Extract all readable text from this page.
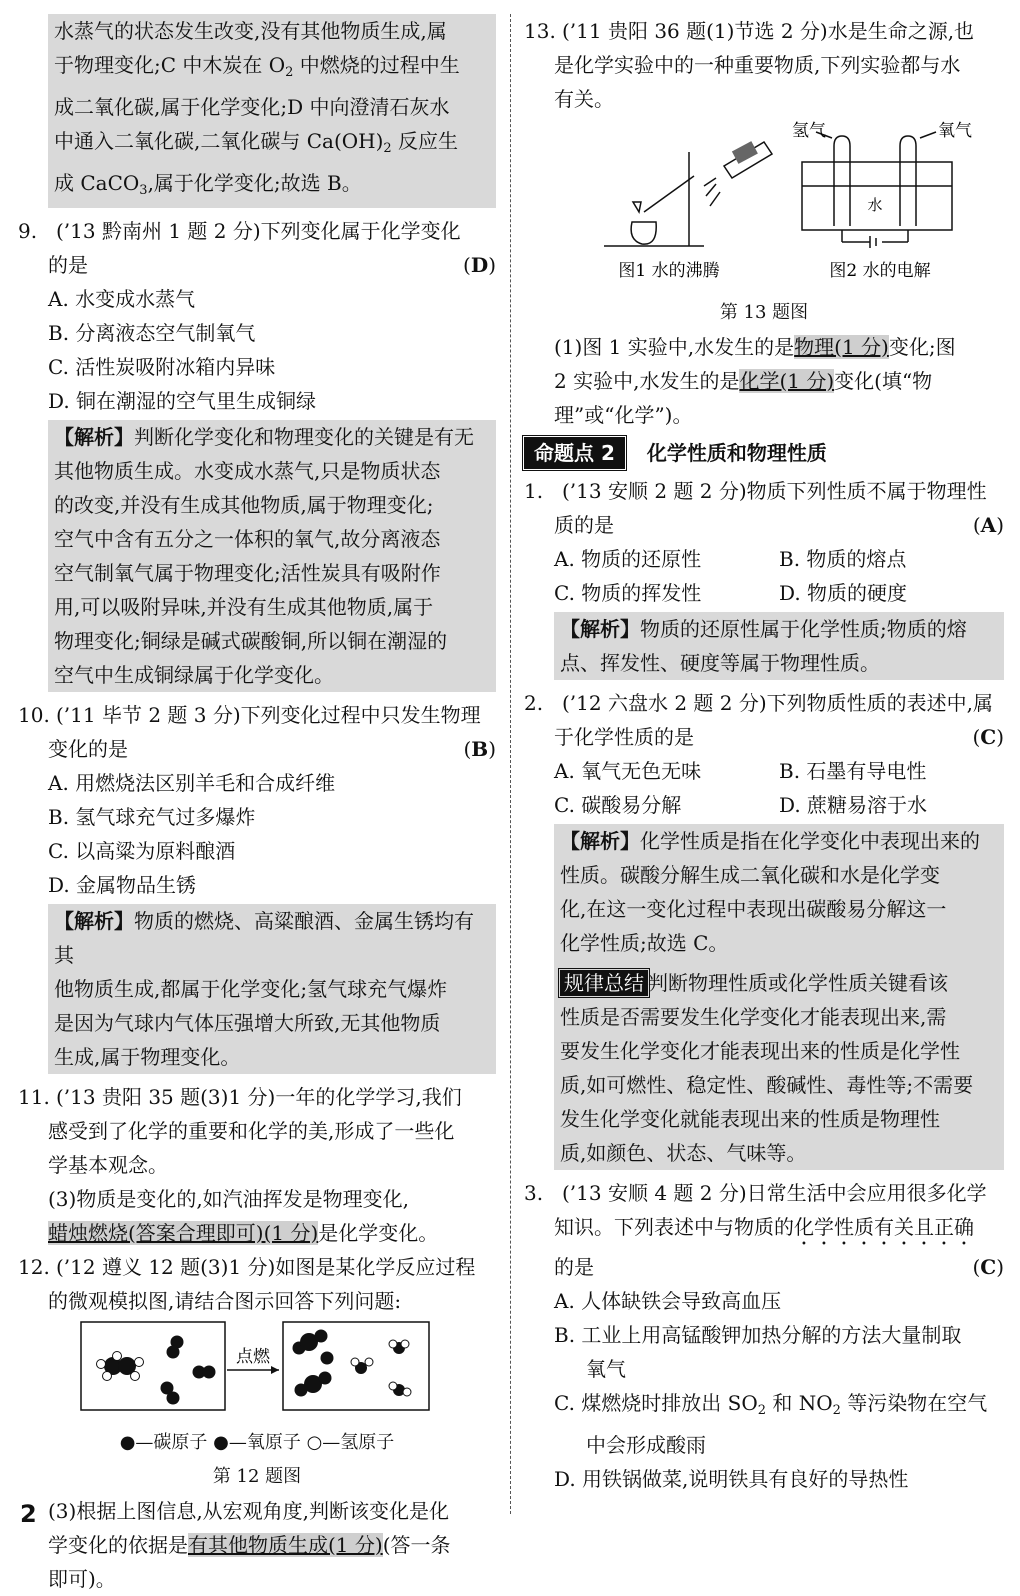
水蒸气的状态发生改变,没有其他物质生成,属
于物理变化;C 中木炭在 $O_2$ 中燃烧的过程中生
成二氧化碳,属于化学变化;D 中向澄清石灰水
中通入二氧化碳,二氧化碳与 $Ca(OH)_2$ 反应生
成 CaCO$_3$,属于化学变化;故选 B。
9. (’13 黔南州 1 题 2 分)下列变化属于化学变化
的是	(D)
A. 水变成水蒸气
B. 分离液态空气制氧气
C. 活性炭吸附冰箱内异味
D. 铜在潮湿的空气里生成铜绿
【解析】判断化学变化和物理变化的关键是有无
其他物质生成。水变成水蒸气,只是物质状态
的改变,并没有生成其他物质,属于物理变化;
空气中含有五分之一体积的氧气,故分离液态
空气制氧气属于物理变化;活性炭具有吸附作
用,可以吸附异味,并没有生成其他物质,属于
物理变化;铜绿是碱式碳酸铜,所以铜在潮湿的
空气中生成铜绿属于化学变化。
10. (’11 毕节 2 题 3 分)下列变化过程中只发生物理
变化的是	(B)
A. 用燃烧法区别羊毛和合成纤维
B. 氢气球充气过多爆炸
C. 以高粱为原料酿酒
D. 金属物品生锈
【解析】物质的燃烧、高粱酿酒、金属生锈均有其
他物质生成,都属于化学变化;氢气球充气爆炸
是因为气球内气体压强增大所致,无其他物质
生成,属于物理变化。
11. (’13 贵阳 35 题(3)1 分)一年的化学学习,我们
感受到了化学的重要和化学的美,形成了一些化
学基本观念。
(3)物质是变化的,如汽油挥发是物理变化,
蜡烛燃烧(答案合理即可)(1 分)是化学变化。
12. (’12 遵义 12 题(3)1 分)如图是某化学反应过程
的微观模拟图,请结合图示回答下列问题:
点燃
●—碳原子 ●—氧原子 ○—氢原子
第 12 题图
(3)根据上图信息,从宏观角度,判断该变化是化
学变化的依据是有其他物质生成(1 分)(答一条
即可)。
13. (’11 贵阳 36 题(1)节选 2 分)水是生命之源,也
是化学实验中的一种重要物质,下列实验都与水
有关。
图1 水的沸腾
氢气	氧气
水
图2 水的电解
第 13 题图
(1)图 1 实验中,水发生的是物理(1 分)变化;图
2 实验中,水发生的是化学(1 分)变化(填“物
理”或“化学”)。
命题点 2	化学性质和物理性质
1. (’13 安顺 2 题 2 分)物质下列性质不属于物理性
质的是	(A)
A. 物质的还原性	B. 物质的熔点
C. 物质的挥发性	D. 物质的硬度
【解析】物质的还原性属于化学性质;物质的熔
点、挥发性、硬度等属于物理性质。
2. (’12 六盘水 2 题 2 分)下列物质性质的表述中,属
于化学性质的是	(C)
A. 氧气无色无味	B. 石墨有导电性
C. 碳酸易分解	D. 蔗糖易溶于水
【解析】化学性质是指在化学变化中表现出来的
性质。碳酸分解生成二氧化碳和水是化学变
化,在这一变化过程中表现出碳酸易分解这一
化学性质;故选 C。
规律总结 判断物理性质或化学性质关键看该
性质是否需要发生化学变化才能表现出来,需
要发生化学变化才能表现出来的性质是化学性
质,如可燃性、稳定性、酸碱性、毒性等;不需要
发生化学变化就能表现出来的性质是物理性
质,如颜色、状态、气味等。
3. (’13 安顺 4 题 2 分)日常生活中会应用很多化学
知识。下列表述中与物质的化学性质有关且正确
的是	(C)
A. 人体缺铁会导致高血压
B. 工业上用高锰酸钾加热分解的方法大量制取
氧气
C. 煤燃烧时排放出 $SO_2$ 和 $NO_2$ 等污染物在空气
中会形成酸雨
D. 用铁锅做菜,说明铁具有良好的导热性
2
